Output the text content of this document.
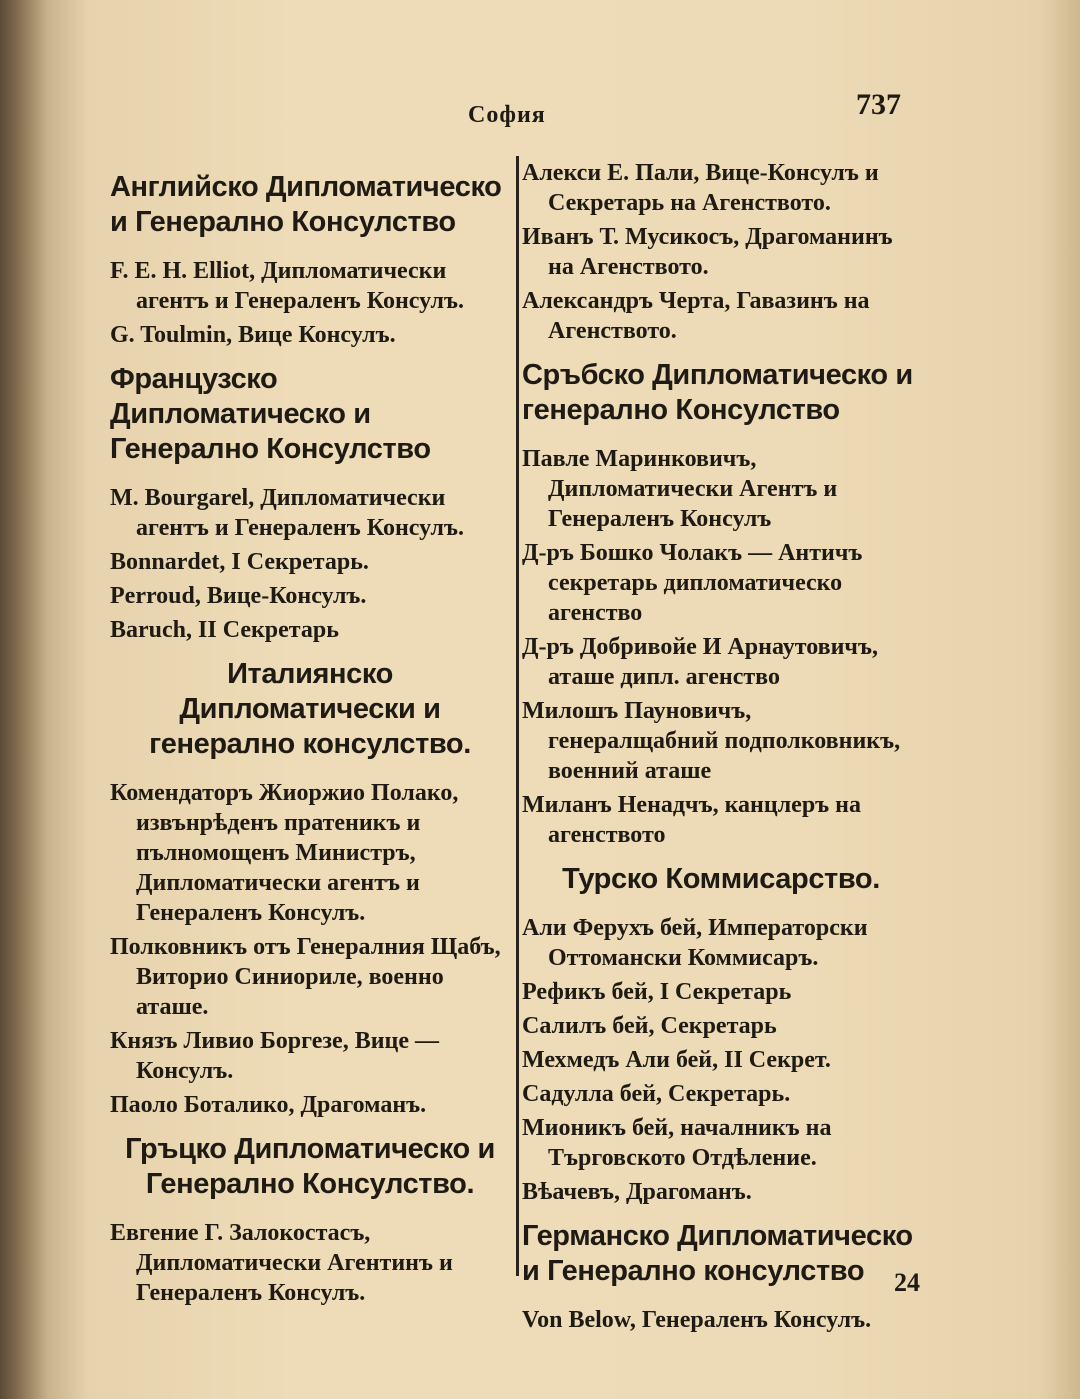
София	737
Английско Дипломатическо и Генерално Консулство
F. E. H. Elliot, Дипломатически агентъ и Генераленъ Консулъ.
G. Toulmin, Вице Консулъ.
Французско Дипломатическо и Генерално Консулство
M. Bourgarel, Дипломатически агентъ и Генераленъ Консулъ.
Bonnardet, I Секретарь.
Perroud, Вице-Консулъ.
Baruch, II Секретарь
Италиянско Дипломатически и генерално консулство.
Комендаторъ Жиоржио Полако, извънрѣденъ пратеникъ и пълномощенъ Министръ, Дипломатически агентъ и Генераленъ Консулъ.
Полковникъ отъ Генералния Щабъ, Виторио Синиориле, военно аташе.
Князъ Ливио Боргезе, Вице — Консулъ.
Паоло Боталико, Драгоманъ.
Гръцко Дипломатическо и Генерално Консулство.
Евгение Г. Залокостасъ, Дипломатически Агентинъ и Генераленъ Консулъ.
Алекси Е. Пали, Вице-Консулъ и Секретарь на Агенството.
Иванъ Т. Мусикосъ, Драгоманинъ на Агенството.
Александръ Черта, Гавазинъ на Агенството.
Сръбско Дипломатическо и генерално Консулство
Павле Маринковичъ, Дипломатически Агентъ и Генераленъ Консулъ
Д-ръ Бошко Чолакъ — Античъ секретарь дипломатическо агенство
Д-ръ Добривойе И Арнаутовичъ, аташе дипл. агенство
Милошъ Пауновичъ, генералщабний подполковникъ, военний аташе
Миланъ Ненадчъ, канцлеръ на агенството
Турско Коммисарство.
Али Ферухъ бей, Императорски Оттомански Коммисаръ.
Рефикъ бей, I Секретарь
Салилъ бей, Секретарь
Мехмедъ Али бей, II Секрет.
Садулла бей, Секретарь.
Мионикъ бей, началникъ на Търговското Отдѣление.
Вѣачевъ, Драгоманъ.
Германско Дипломатическо и Генерално консулство
Von Below, Генераленъ Консулъ.
24
